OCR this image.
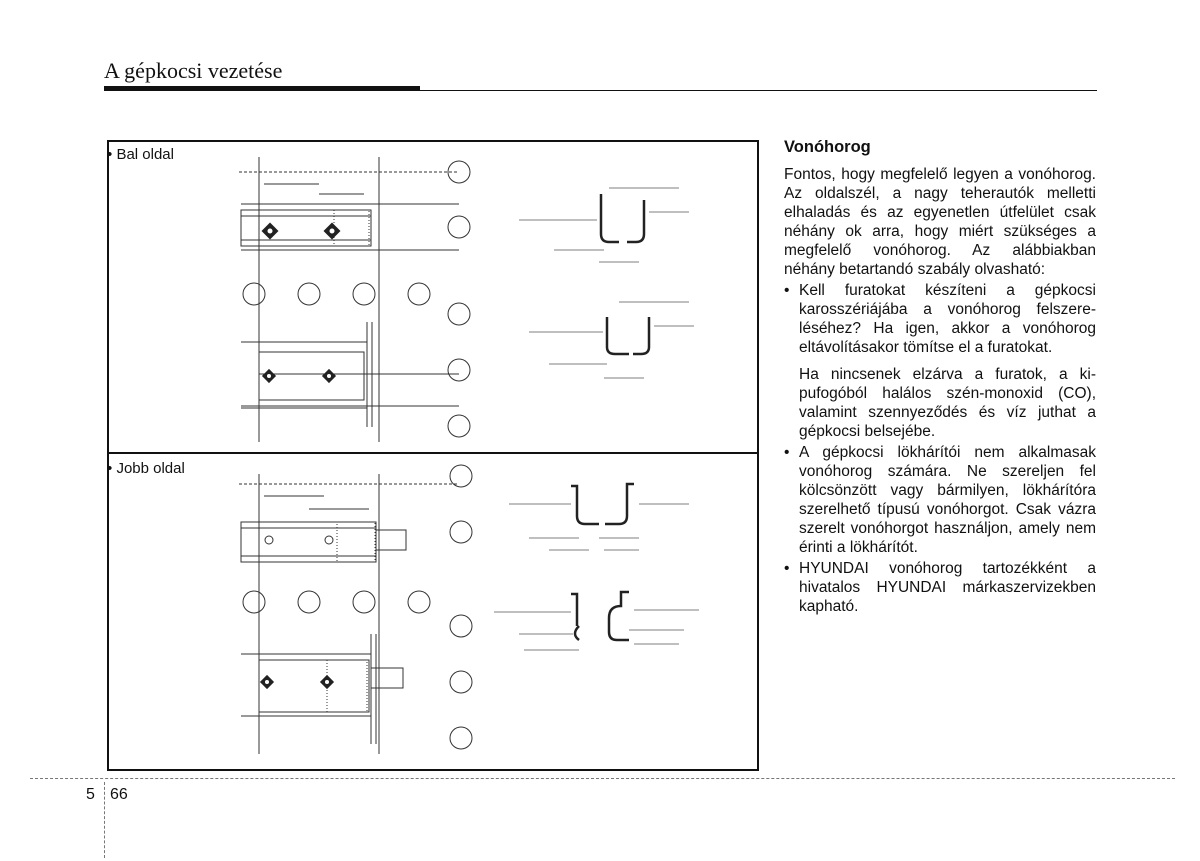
A gépkocsi vezetése
• Bal oldal
• Jobb oldal
Vonóhorog

Fontos, hogy megfelelő legyen a vonóhorog. Az oldalszél, a nagy teherautók melletti elhaladás és az egyenetlen útfelület csak néhány ok arra, hogy miért szükséges a megfelelő vonóhorog. Az alábbiakban néhány betartandó szabály olvasható:

• Kell furatokat készíteni a gépkocsi karosszériájába a vonóhorog felszereléséhez? Ha igen, akkor a vonóhorog eltávolításakor tömítse el a furatokat.

Ha nincsenek elzárva a furatok, a kipufogóból halálos szén-monoxid (CO), valamint szennyeződés és víz juthat a gépkocsi belsejébe.

• A gépkocsi lökhárítói nem alkalmasak vonóhorog számára. Ne szereljen fel kölcsönzött vagy bármilyen, lökhárítóra szerelhető típusú vonóhorgot. Csak vázra szerelt vonóhorgot használjon, amely nem érinti a lökhárítót.

• HYUNDAI vonóhorog tartozékként a hivatalos HYUNDAI márkaszervizekben kapható.

5 66
